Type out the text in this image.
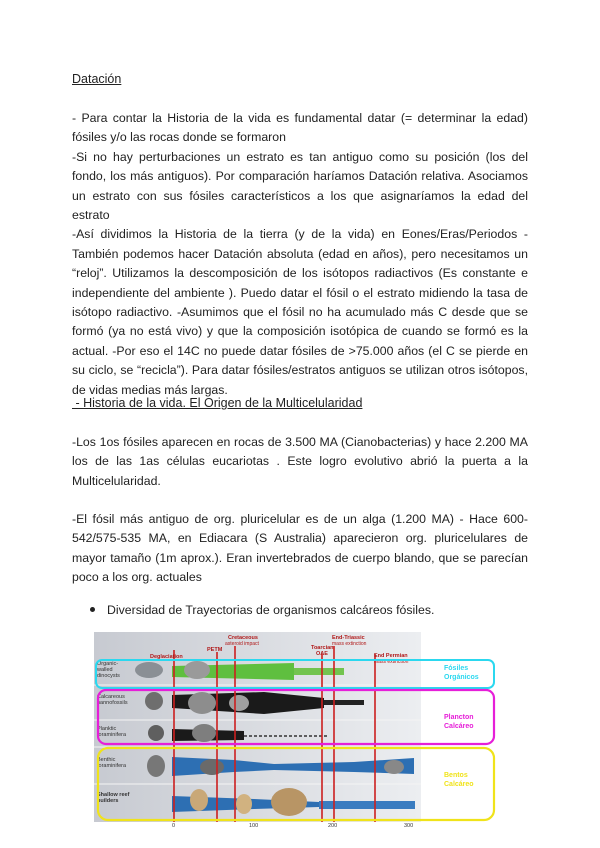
Datación

- Para contar la Historia de la vida es fundamental datar (= determinar la edad) fósiles y/o las rocas donde se formaron

-Si no hay perturbaciones un estrato es tan antiguo como su posición (los del fondo, los más antiguos). Por comparación haríamos Datación relativa. Asociamos un estrato con sus fósiles característicos a los que asignaríamos la edad del estrato

-Así dividimos la Historia de la tierra (y de la vida) en Eones/Eras/Periodos -También podemos hacer Datación absoluta (edad en años), pero necesitamos un “reloj”. Utilizamos la descomposición de los isótopos radiactivos (Es constante e independiente del ambiente ). Puedo datar el fósil o el estrato midiendo la tasa de isótopo radiactivo. -Asumimos que el fósil no ha acumulado más C desde que se formó (ya no está vivo) y que la composición isotópica de cuando se formó es la actual. -Por eso el 14C no puede datar fósiles de >75.000 años (el C se pierde en su ciclo, se “recicla”). Para datar fósiles/estratos antiguos se utilizan otros isótopos, de vidas medias más largas.

- Historia de la vida. El Origen de la Multicelularidad
-Los 1os fósiles aparecen en rocas de 3.500 MA (Cianobacterias) y hace 2.200 MA los de las 1as células eucariotas . Este logro evolutivo abrió la puerta a la Multicelularidad.
-El fósil más antiguo de org. pluricelular es de un alga (1.200 MA) - Hace 600-542/575-535 MA, en Ediacara (S Australia) aparecieron org. pluricelulares de mayor tamaño (1m aprox.). Eran invertebrados de cuerpo blando, que se parecían poco a los org. actuales
Diversidad de Trayectorias de organismos calcáreos fósiles.
Deglaciation
PETM
Cretaceous
asteroid impact
Toarcian
OAE
End-Triassic
mass extinction
End Permian
mass extinction
Organic-
walled
dinocysts
Calcareous
nannofossils
Planktic
foraminifera
Benthic
foraminifera
Shallow reef
builders
Fósiles
Orgánicos
Plancton
Calcáreo
Bentos
Calcáreo
0	100	200	300
